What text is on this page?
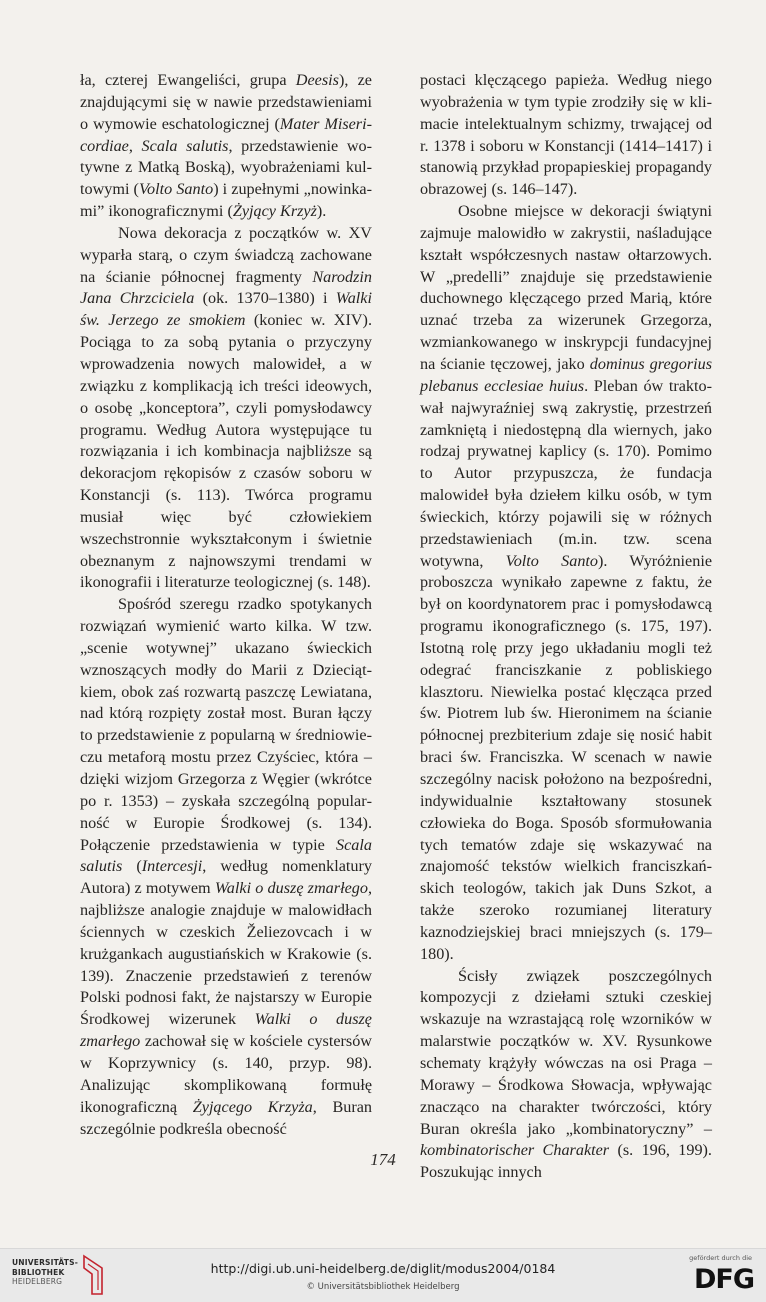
ła, czterej Ewangeliści, grupa Deesis), ze znajdującymi się w nawie przedstawieniami o wymowie eschatologicznej (Mater Misericordiae, Scala salutis, przedstawienie wotywne z Matką Boską), wyobrażeniami kultowymi (Volto Santo) i zupełnymi „nowinkami” ikonograficznymi (Żyjący Krzyż).

Nowa dekoracja z początków w. XV wyparła starą, o czym świadczą zachowane na ścianie północnej fragmenty Narodzin Jana Chrzciciela (ok. 1370–1380) i Walki św. Jerzego ze smokiem (koniec w. XIV). Pociąga to za sobą pytania o przyczyny wprowadzenia nowych malowideł, a w związku z komplikacją ich treści ideowych, o osobę „konceptora”, czyli pomysłodawcy programu. Według Autora występujące tu rozwiązania i ich kombinacja najbliższe są dekoracjom rękopisów z czasów soboru w Konstancji (s. 113). Twórca programu musiał więc być człowiekiem wszechstronnie wykształconym i świetnie obeznanym z najnowszymi trendami w ikonografii i literaturze teologicznej (s. 148).

Spośród szeregu rzadko spotykanych rozwiązań wymienić warto kilka. W tzw. „scenie wotywnej” ukazano świeckich wznoszących modły do Marii z Dzieciątkiem, obok zaś rozwartą paszczę Lewiatana, nad którą rozpięty został most. Buran łączy to przedstawienie z popularną w średniowieczu metaforą mostu przez Czyściec, która – dzięki wizjom Grzegorza z Węgier (wkrótce po r. 1353) – zyskała szczególną popularność w Europie Środkowej (s. 134). Połączenie przedstawienia w typie Scala salutis (Intercesji, według nomenklatury Autora) z motywem Walki o duszę zmarłego, najbliższe analogie znajduje w malowidłach ściennych w czeskich Želiezovcach i w krużgankach augustiańskich w Krakowie (s. 139). Znaczenie przedstawień z terenów Polski podnosi fakt, że najstarszy w Europie Środkowej wizerunek Walki o duszę zmarłego zachował się w kościele cystersów w Koprzywnicy (s. 140, przyp. 98). Analizując skomplikowaną formułę ikonograficzną Żyjącego Krzyża, Buran szczególnie podkreśla obecność

postaci klęczącego papieża. Według niego wyobrażenia w tym typie zrodziły się w klimacie intelektualnym schizmy, trwającej od r. 1378 i soboru w Konstancji (1414–1417) i stanowią przykład propapieskiej propagandy obrazowej (s. 146–147).

Osobne miejsce w dekoracji świątyni zajmuje malowidło w zakrystii, naśladujące kształt współczesnych nastaw ołtarzowych. W „predelli” znajduje się przedstawienie duchownego klęczącego przed Marią, które uznać trzeba za wizerunek Grzegorza, wzmiankowanego w inskrypcji fundacyjnej na ścianie tęczowej, jako dominus gregorius plebanus ecclesiae huius. Pleban ów traktował najwyraźniej swą zakrystię, przestrzeń zamkniętą i niedostępną dla wiernych, jako rodzaj prywatnej kaplicy (s. 170). Pomimo to Autor przypuszcza, że fundacja malowideł była dziełem kilku osób, w tym świeckich, którzy pojawili się w różnych przedstawieniach (m.in. tzw. scena wotywna, Volto Santo). Wyróżnienie proboszcza wynikało zapewne z faktu, że był on koordynatorem prac i pomysłodawcą programu ikonograficznego (s. 175, 197). Istotną rolę przy jego układaniu mogli też odegrać franciszkanie z pobliskiego klasztoru. Niewielka postać klęcząca przed św. Piotrem lub św. Hieronimem na ścianie północnej prezbiterium zdaje się nosić habit braci św. Franciszka. W scenach w nawie szczególny nacisk położono na bezpośredni, indywidualnie kształtowany stosunek człowieka do Boga. Sposób sformułowania tych tematów zdaje się wskazywać na znajomość tekstów wielkich franciszkańskich teologów, takich jak Duns Szkot, a także szeroko rozumianej literatury kaznodziejskiej braci mniejszych (s. 179–180).

Ścisły związek poszczególnych kompozycji z dziełami sztuki czeskiej wskazuje na wzrastającą rolę wzorników w malarstwie początków w. XV. Rysunkowe schematy krążyły wówczas na osi Praga – Morawy – Środkowa Słowacja, wpływając znacząco na charakter twórczości, który Buran określa jako „kombinatoryczny” – kombinatorischer Charakter (s. 196, 199). Poszukując innych

174
UNIVERSITÄTS-
BIBLIOTHEK
HEIDELBERG
http://digi.ub.uni-heidelberg.de/diglit/modus2004/0184
© Universitätsbibliothek Heidelberg
gefördert durch die
DFG
